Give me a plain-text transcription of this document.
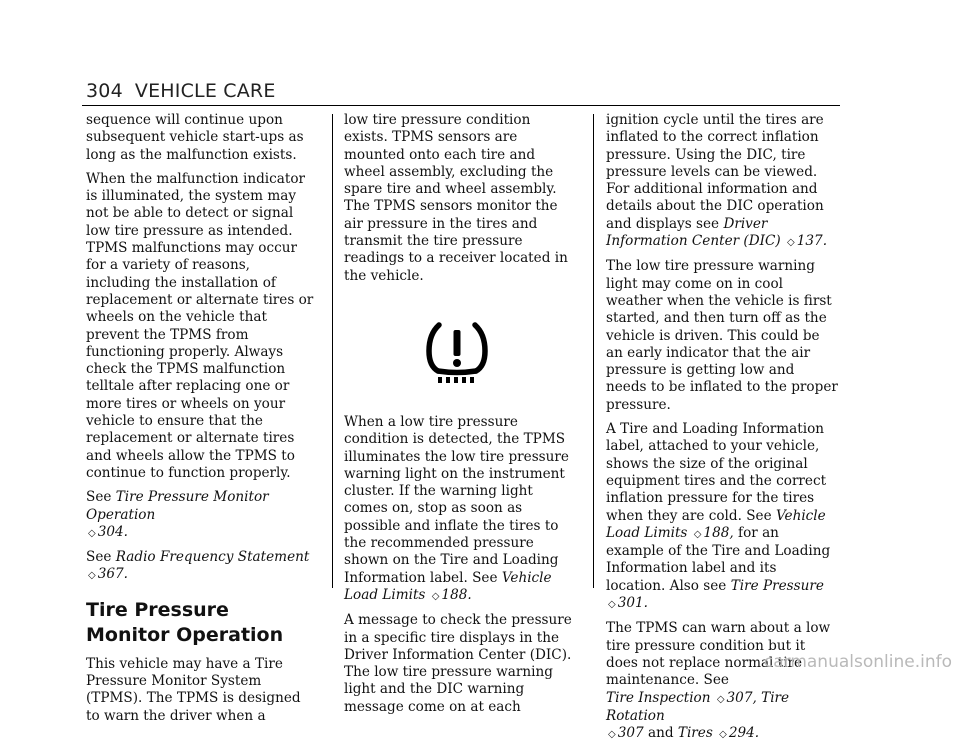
304 VEHICLE CARE

sequence will continue upon subsequent vehicle start-ups as long as the malfunction exists.

When the malfunction indicator is illuminated, the system may not be able to detect or signal low tire pressure as intended. TPMS malfunctions may occur for a variety of reasons, including the installation of replacement or alternate tires or wheels on the vehicle that prevent the TPMS from functioning properly. Always check the TPMS malfunction telltale after replacing one or more tires or wheels on your vehicle to ensure that the replacement or alternate tires and wheels allow the TPMS to continue to function properly.

See Tire Pressure Monitor Operation
◇ 304.

See Radio Frequency Statement ◇ 367.

Tire Pressure Monitor Operation

This vehicle may have a Tire Pressure Monitor System (TPMS). The TPMS is designed to warn the driver when a

low tire pressure condition exists. TPMS sensors are mounted onto each tire and wheel assembly, excluding the spare tire and wheel assembly. The TPMS sensors monitor the air pressure in the tires and transmit the tire pressure readings to a receiver located in the vehicle.

When a low tire pressure condition is detected, the TPMS illuminates the low tire pressure warning light on the instrument cluster. If the warning light comes on, stop as soon as possible and inflate the tires to the recommended pressure shown on the Tire and Loading Information label. See Vehicle Load Limits ◇ 188.

A message to check the pressure in a specific tire displays in the Driver Information Center (DIC). The low tire pressure warning light and the DIC warning message come on at each

ignition cycle until the tires are inflated to the correct inflation pressure. Using the DIC, tire pressure levels can be viewed. For additional information and details about the DIC operation and displays see Driver Information Center (DIC) ◇ 137.

The low tire pressure warning light may come on in cool weather when the vehicle is first started, and then turn off as the vehicle is driven. This could be an early indicator that the air pressure is getting low and needs to be inflated to the proper pressure.

A Tire and Loading Information label, attached to your vehicle, shows the size of the original equipment tires and the correct inflation pressure for the tires when they are cold. See Vehicle Load Limits ◇ 188, for an example of the Tire and Loading Information label and its location. Also see Tire Pressure ◇ 301.

The TPMS can warn about a low tire pressure condition but it does not replace normal tire maintenance. See
Tire Inspection ◇ 307, Tire Rotation
◇ 307 and Tires ◇ 294.

carmanualsonline.info
